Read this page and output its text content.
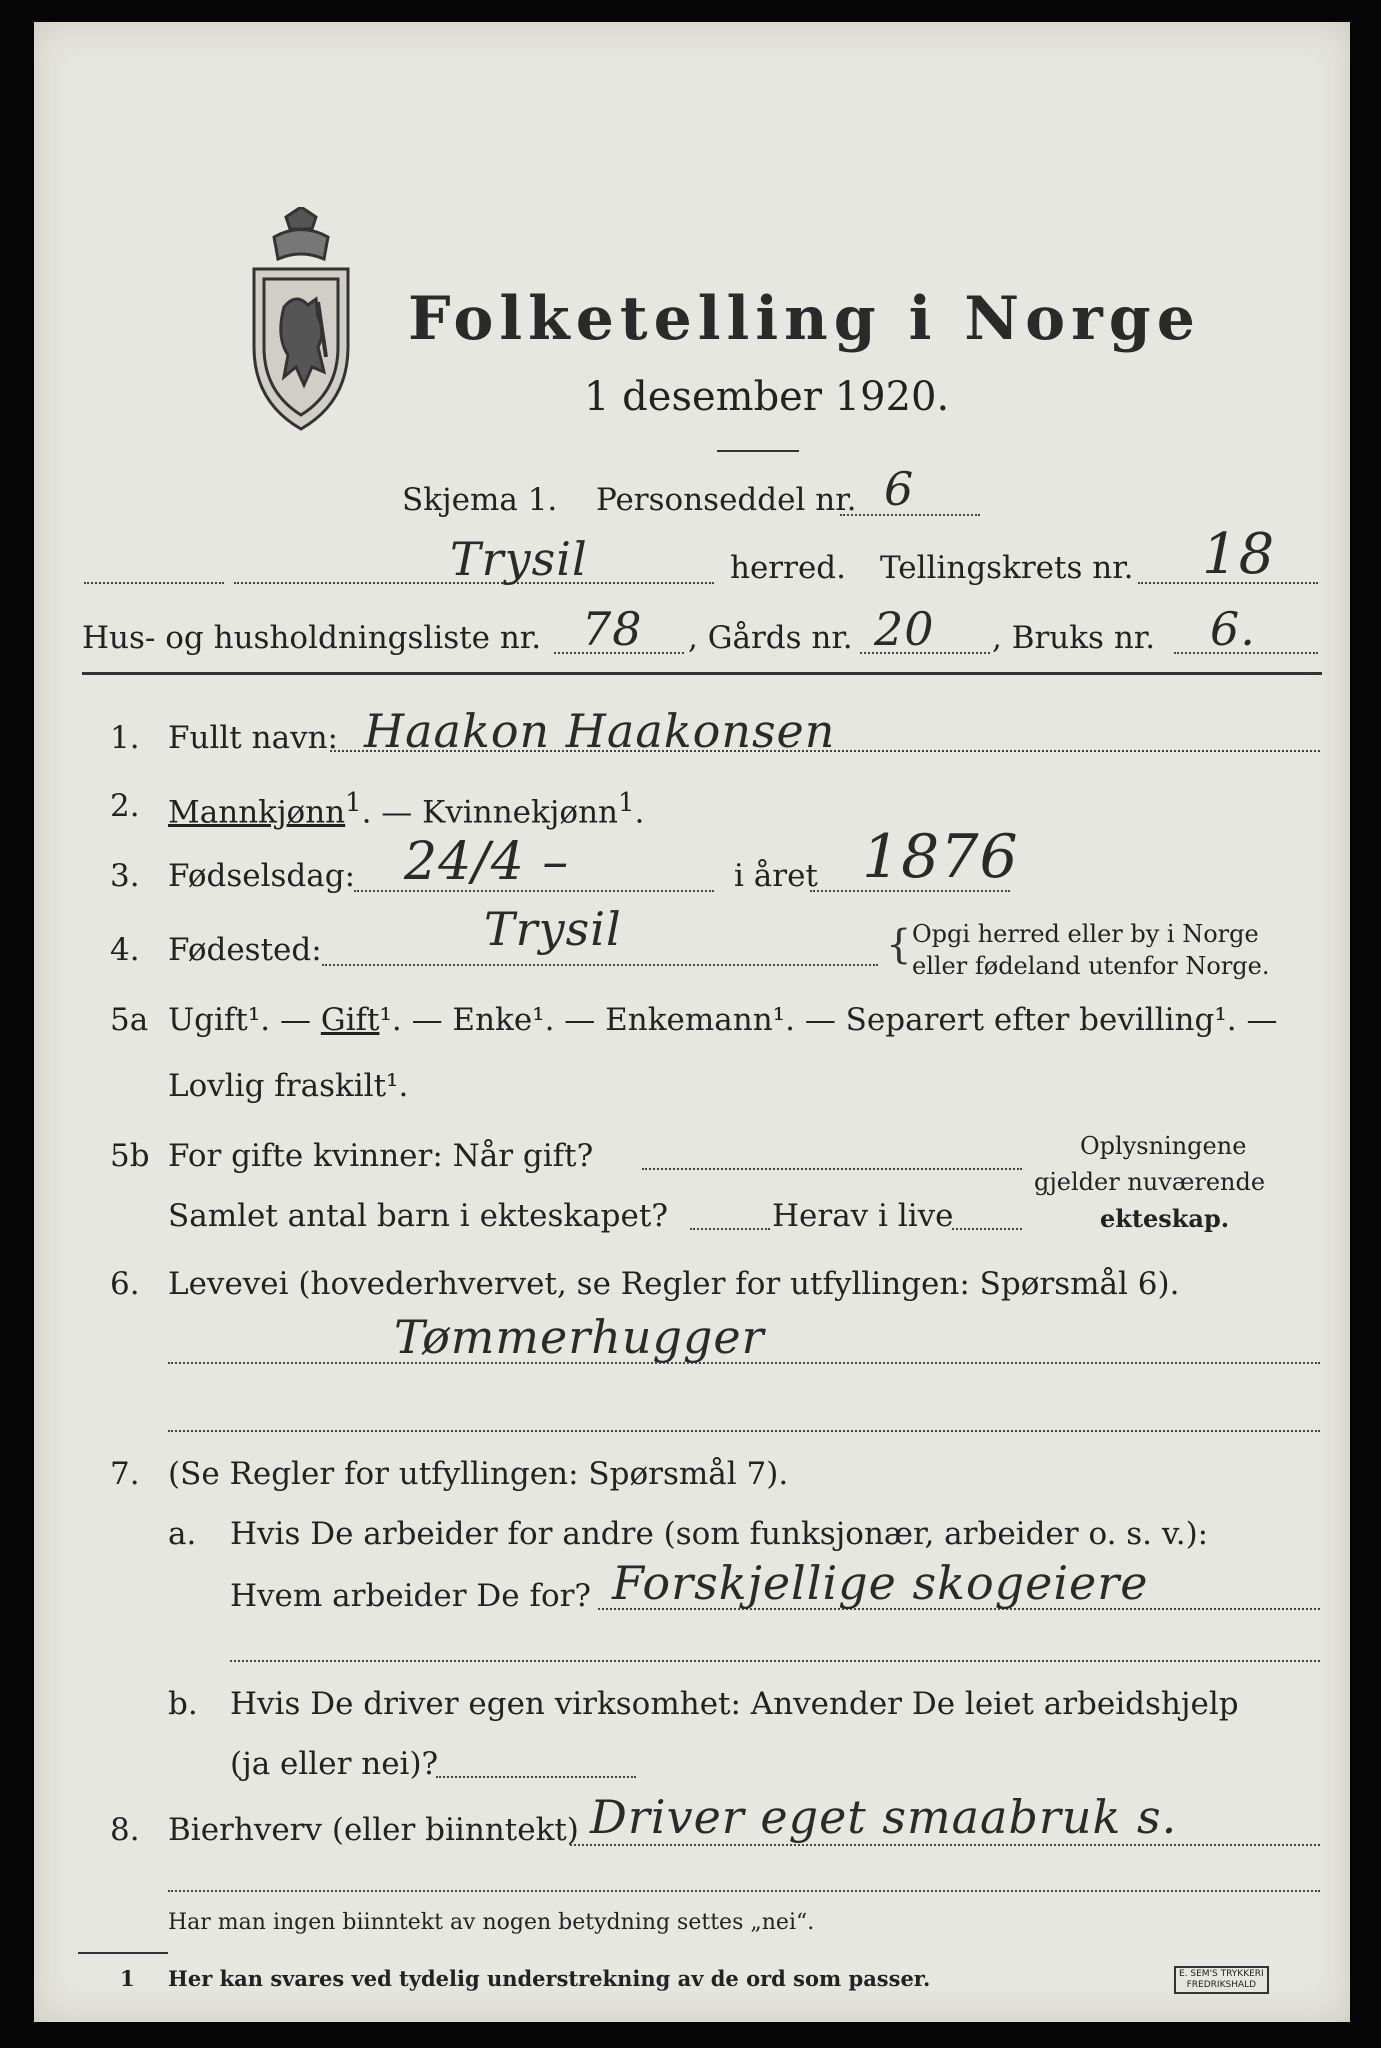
Folketelling i Norge
1 desember 1920.
Skjema 1. Personseddel nr. 6
Trysil	herred. Tellingskrets nr. 18
Hus- og husholdningsliste nr. 78 , Gårds nr. 20 , Bruks nr. 6.
1. Fullt navn: Haakon Haakonsen
2. Mannkjønn$^1$. — Kvinnekjønn$^1$.
3. Fødselsdag: 24/4 –	i året 1876
4. Fødested:	Trysil	{ Opgi herred eller by i Norge
eller fødeland utenfor Norge.
5a Ugift¹. — Gift¹. — Enke¹. — Enkemann¹. — Separert efter bevilling¹. —
Lovlig fraskilt¹.
5b For gifte kvinner: Når gift?
Samlet antal barn i ekteskapet?	Herav i live
Oplysningene
gjelder nuværende
ekteskap.
6. Levevei (hovederhvervet, se Regler for utfyllingen: Spørsmål 6).
Tømmerhugger
7. (Se Regler for utfyllingen: Spørsmål 7).
a. Hvis De arbeider for andre (som funksjonær, arbeider o. s. v.):
Hvem arbeider De for? Forskjellige skogeiere
b. Hvis De driver egen virksomhet: Anvender De leiet arbeidshjelp
(ja eller nei)?
8. Bierhverv (eller biinntekt) Driver eget smaabruk s.
Har man ingen biinntekt av nogen betydning settes „nei“.
1 Her kan svares ved tydelig understrekning av de ord som passer.	E. SEM'S TRYKKERI
FREDRIKSHALD
